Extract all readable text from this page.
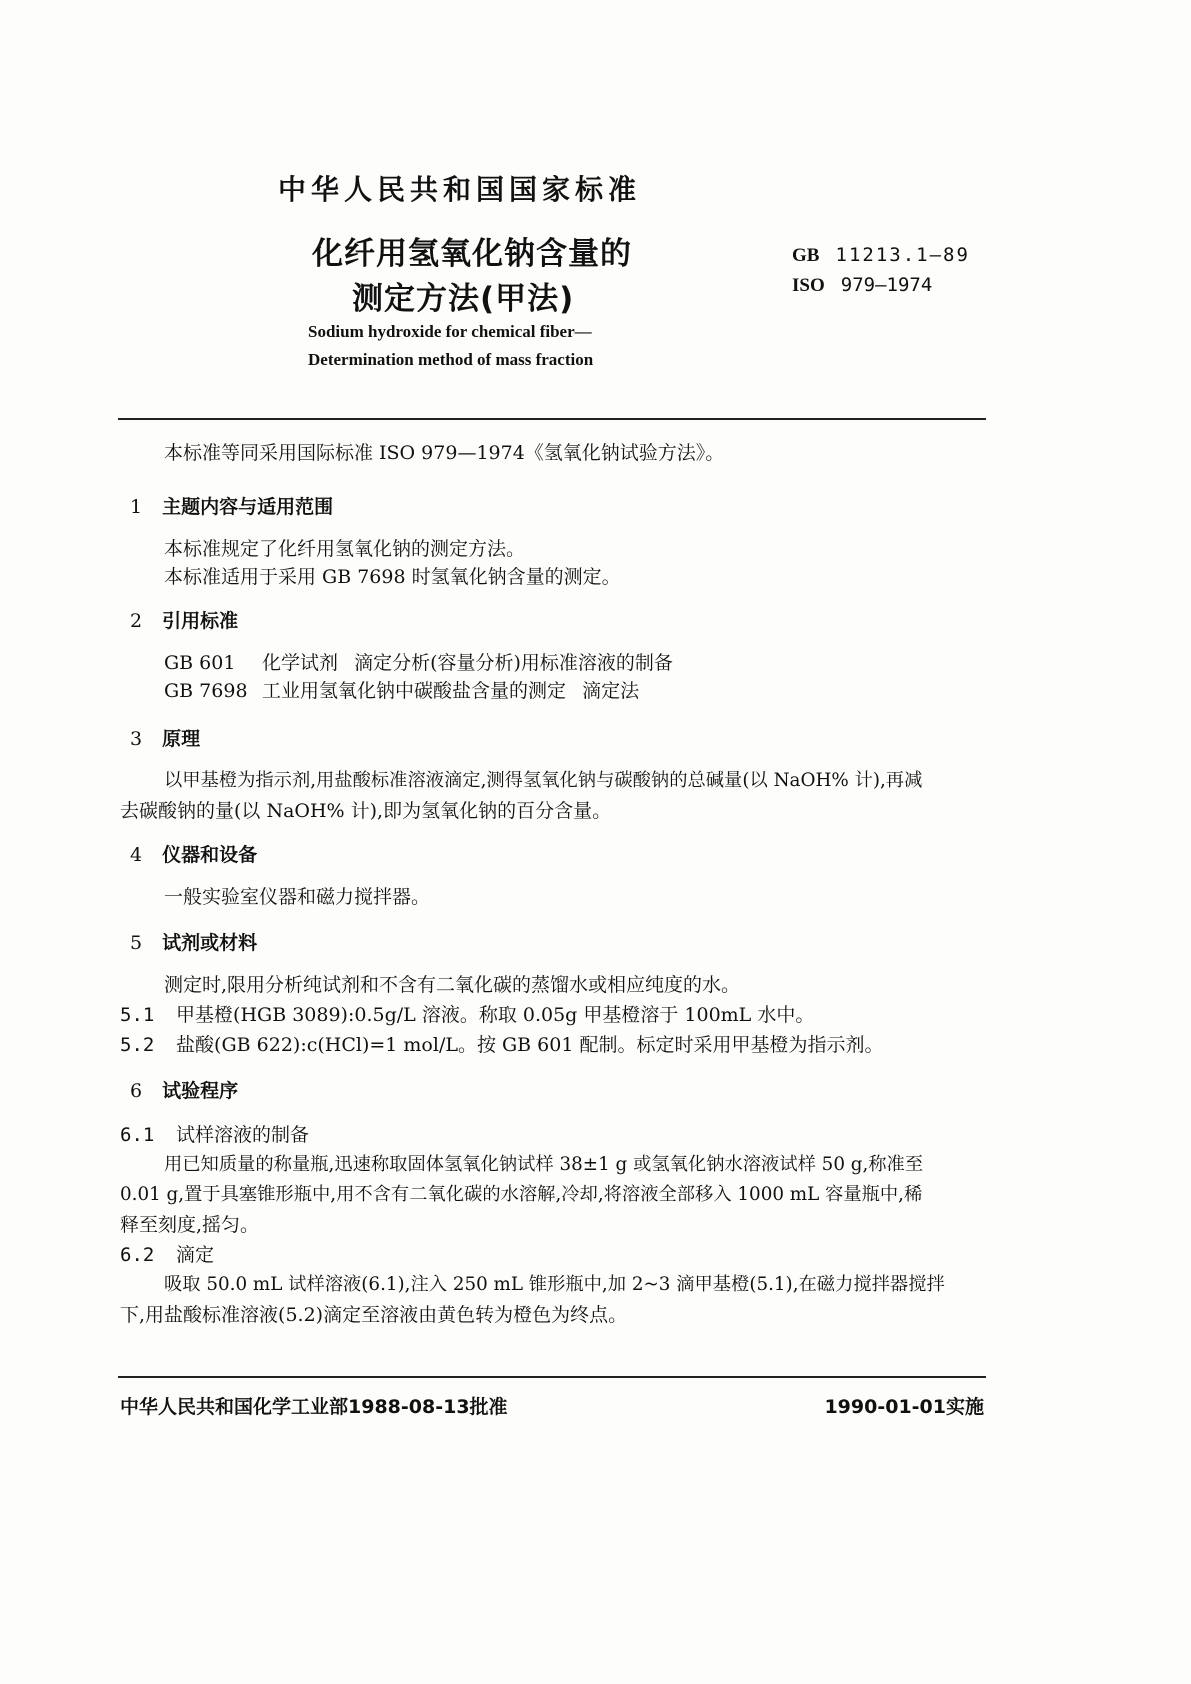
中华人民共和国国家标准
化纤用氢氧化钠含量的
测定方法(甲法)
Sodium hydroxide for chemical fiber—
Determination method of mass fraction
GB 11213.1—89
ISO 979—1974
本标准等同采用国际标准 ISO 979—1974《氢氧化钠试验方法》。
1 主题内容与适用范围
本标准规定了化纤用氢氧化钠的测定方法。
本标准适用于采用 GB 7698 时氢氧化钠含量的测定。
2 引用标准
GB 601 化学试剂 滴定分析(容量分析)用标准溶液的制备
GB 7698 工业用氢氧化钠中碳酸盐含量的测定 滴定法
3 原理
以甲基橙为指示剂,用盐酸标准溶液滴定,测得氢氧化钠与碳酸钠的总碱量(以 NaOH% 计),再减
去碳酸钠的量(以 NaOH% 计),即为氢氧化钠的百分含量。
4 仪器和设备
一般实验室仪器和磁力搅拌器。
5 试剂或材料
测定时,限用分析纯试剂和不含有二氧化碳的蒸馏水或相应纯度的水。
5.1 甲基橙(HGB 3089):0.5g/L 溶液。称取 0.05g 甲基橙溶于 100mL 水中。
5.2 盐酸(GB 622):c(HCl)=1 mol/L。按 GB 601 配制。标定时采用甲基橙为指示剂。
6 试验程序
6.1 试样溶液的制备
用已知质量的称量瓶,迅速称取固体氢氧化钠试样 38±1 g 或氢氧化钠水溶液试样 50 g,称准至
0.01 g,置于具塞锥形瓶中,用不含有二氧化碳的水溶解,冷却,将溶液全部移入 1000 mL 容量瓶中,稀
释至刻度,摇匀。
6.2 滴定
吸取 50.0 mL 试样溶液(6.1),注入 250 mL 锥形瓶中,加 2~3 滴甲基橙(5.1),在磁力搅拌器搅拌
下,用盐酸标准溶液(5.2)滴定至溶液由黄色转为橙色为终点。
中华人民共和国化学工业部1988-08-13批准	1990-01-01实施
